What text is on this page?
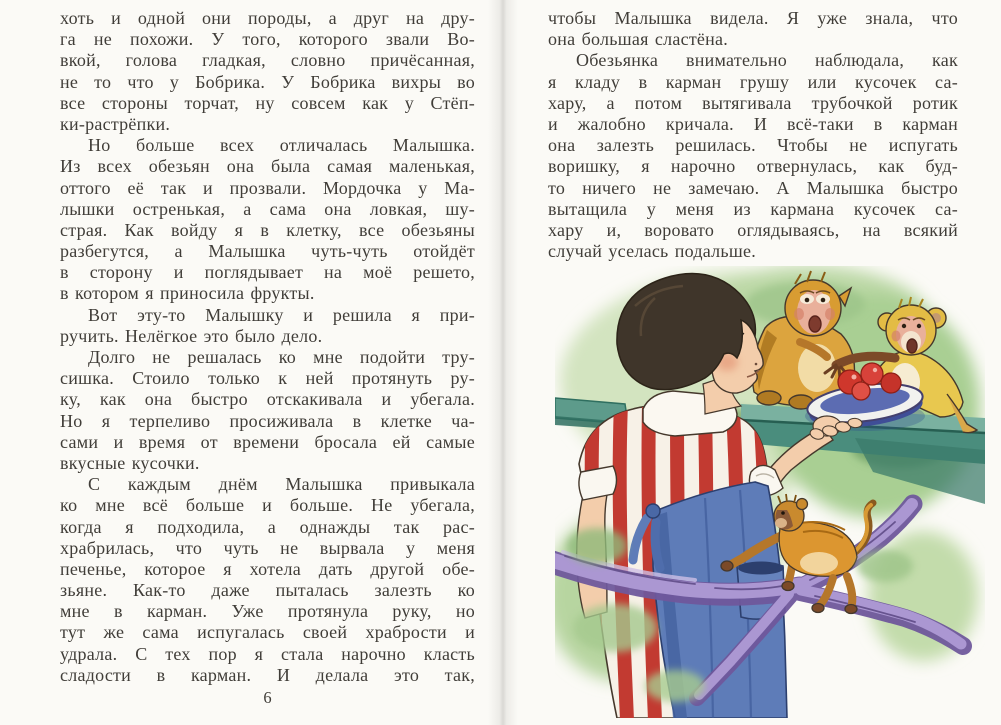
хоть и одной они породы, а друг на дру-
га не похожи. У того, которого звали Во-
вкой, голова гладкая, словно причёсанная,
не то что у Бобрика. У Бобрика вихры во
все стороны торчат, ну совсем как у Стёп-
ки-растрёпки.
Но больше всех отличалась Малышка.
Из всех обезьян она была самая маленькая,
оттого её так и прозвали. Мордочка у Ма-
лышки остренькая, а сама она ловкая, шу-
страя. Как войду я в клетку, все обезьяны
разбегутся, а Малышка чуть-чуть отойдёт
в сторону и поглядывает на моё решето,
в котором я приносила фрукты.
Вот эту-то Малышку и решила я при-
ручить. Нелёгкое это было дело.
Долго не решалась ко мне подойти тру-
сишка. Стоило только к ней протянуть ру-
ку, как она быстро отскакивала и убегала.
Но я терпеливо просиживала в клетке ча-
сами и время от времени бросала ей самые
вкусные кусочки.
С каждым днём Малышка привыкала
ко мне всё больше и больше. Не убегала,
когда я подходила, а однажды так рас-
храбрилась, что чуть не вырвала у меня
печенье, которое я хотела дать другой обе-
зьяне. Как-то даже пыталась залезть ко
мне в карман. Уже протянула руку, но
тут же сама испугалась своей храбрости и
удрала. С тех пор я стала нарочно класть
сладости в карман. И делала это так,
6
чтобы Малышка видела. Я уже знала, что
она большая сластёна.
Обезьянка внимательно наблюдала, как
я кладу в карман грушу или кусочек са-
хару, а потом вытягивала трубочкой ротик
и жалобно кричала. И всё-таки в карман
она залезть решилась. Чтобы не испугать
воришку, я нарочно отвернулась, как буд-
то ничего не замечаю. А Малышка быстро
вытащила у меня из кармана кусочек са-
хару и, воровато оглядываясь, на всякий
случай уселась подальше.
